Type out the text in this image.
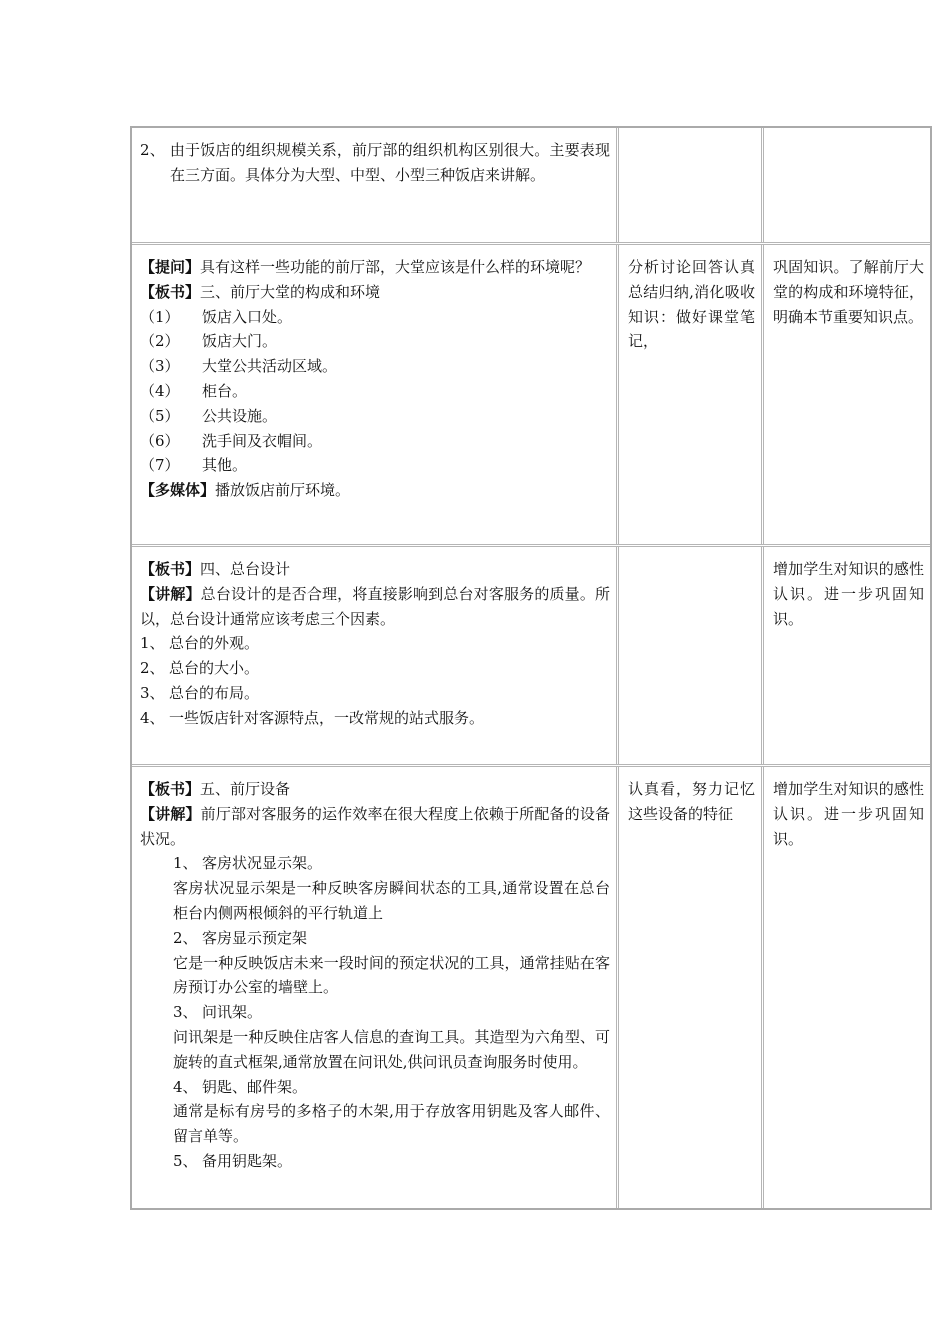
2、 由于饭店的组织规模关系，前厅部的组织机构区别很大。主要表现在三方面。具体分为大型、中型、小型三种饭店来讲解。
【提问】具有这样一些功能的前厅部，大堂应该是什么样的环境呢？
【板书】三、前厅大堂的构成和环境
（1） 饭店入口处。
（2） 饭店大门。
（3） 大堂公共活动区域。
（4） 柜台。
（5） 公共设施。
（6） 洗手间及衣帽间。
（7） 其他。
【多媒体】播放饭店前厅环境。
分析讨论回答认真总结归纳,消化吸收知识：做好课堂笔记，
巩固知识。了解前厅大堂的构成和环境特征，明确本节重要知识点。
【板书】四、总台设计
【讲解】总台设计的是否合理，将直接影响到总台对客服务的质量。所以，总台设计通常应该考虑三个因素。
1、 总台的外观。
2、 总台的大小。
3、 总台的布局。
4、 一些饭店针对客源特点，一改常规的站式服务。
增加学生对知识的感性认识。进一步巩固知识。
【板书】五、前厅设备
【讲解】前厅部对客服务的运作效率在很大程度上依赖于所配备的设备状况。
1、 客房状况显示架。
客房状况显示架是一种反映客房瞬间状态的工具,通常设置在总台柜台内侧两根倾斜的平行轨道上
2、 客房显示预定架
它是一种反映饭店未来一段时间的预定状况的工具，通常挂贴在客房预订办公室的墙壁上。
3、 问讯架。
问讯架是一种反映住店客人信息的查询工具。其造型为六角型、可旋转的直式框架,通常放置在问讯处,供问讯员查询服务时使用。
4、 钥匙、邮件架。
通常是标有房号的多格子的木架,用于存放客用钥匙及客人邮件、留言单等。
5、 备用钥匙架。
认真看，努力记忆这些设备的特征
增加学生对知识的感性认识。进一步巩固知识。
